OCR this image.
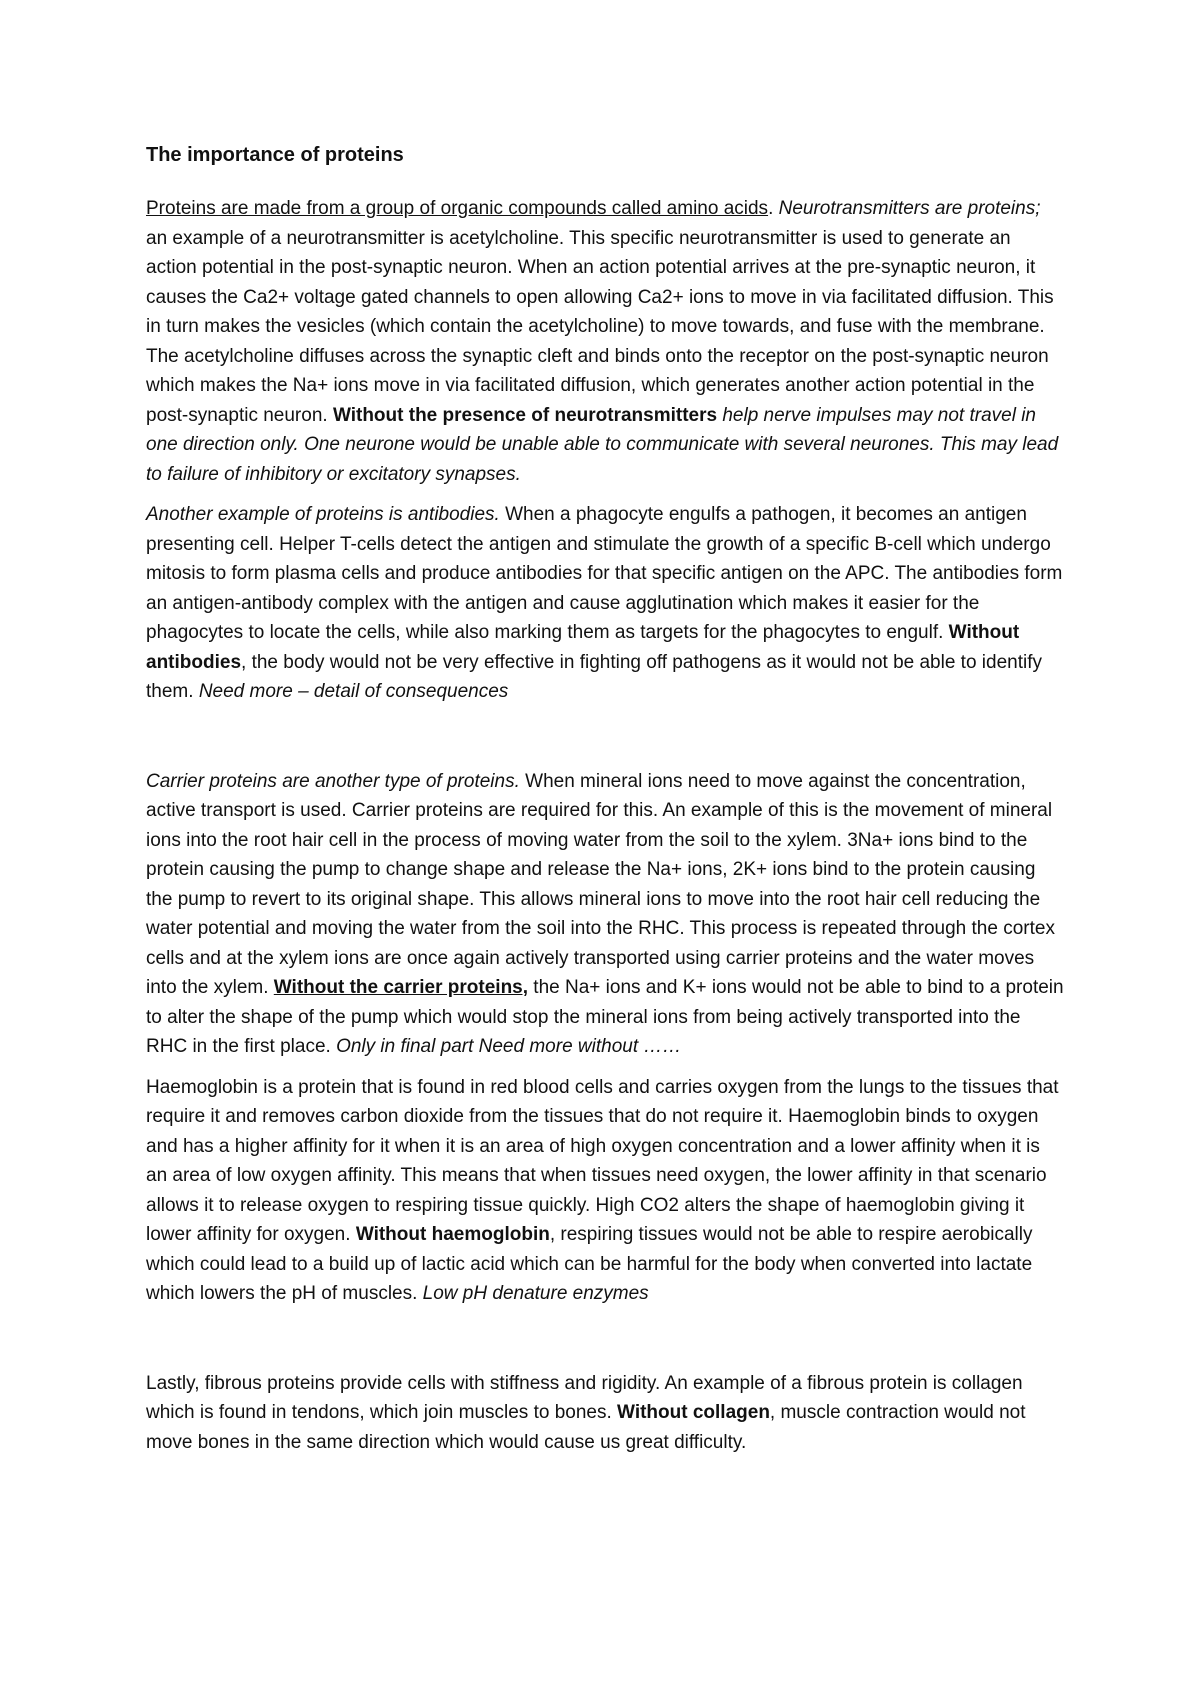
The importance of proteins

Proteins are made from a group of organic compounds called amino acids. Neurotransmitters are proteins; an example of a neurotransmitter is acetylcholine. This specific neurotransmitter is used to generate an action potential in the post-synaptic neuron. When an action potential arrives at the pre-synaptic neuron, it causes the Ca2+ voltage gated channels to open allowing Ca2+ ions to move in via facilitated diffusion. This in turn makes the vesicles (which contain the acetylcholine) to move towards, and fuse with the membrane. The acetylcholine diffuses across the synaptic cleft and binds onto the receptor on the post-synaptic neuron which makes the Na+ ions move in via facilitated diffusion, which generates another action potential in the post-synaptic neuron. Without the presence of neurotransmitters help nerve impulses may not travel in one direction only. One neurone would be unable able to communicate with several neurones. This may lead to failure of inhibitory or excitatory synapses.

Another example of proteins is antibodies. When a phagocyte engulfs a pathogen, it becomes an antigen presenting cell. Helper T-cells detect the antigen and stimulate the growth of a specific B-cell which undergo mitosis to form plasma cells and produce antibodies for that specific antigen on the APC. The antibodies form an antigen-antibody complex with the antigen and cause agglutination which makes it easier for the phagocytes to locate the cells, while also marking them as targets for the phagocytes to engulf. Without antibodies, the body would not be very effective in fighting off pathogens as it would not be able to identify them. Need more – detail of consequences

Carrier proteins are another type of proteins. When mineral ions need to move against the concentration, active transport is used. Carrier proteins are required for this. An example of this is the movement of mineral ions into the root hair cell in the process of moving water from the soil to the xylem. 3Na+ ions bind to the protein causing the pump to change shape and release the Na+ ions, 2K+ ions bind to the protein causing the pump to revert to its original shape. This allows mineral ions to move into the root hair cell reducing the water potential and moving the water from the soil into the RHC. This process is repeated through the cortex cells and at the xylem ions are once again actively transported using carrier proteins and the water moves into the xylem. Without the carrier proteins, the Na+ ions and K+ ions would not be able to bind to a protein to alter the shape of the pump which would stop the mineral ions from being actively transported into the RHC in the first place. Only in final part Need more without ……

Haemoglobin is a protein that is found in red blood cells and carries oxygen from the lungs to the tissues that require it and removes carbon dioxide from the tissues that do not require it. Haemoglobin binds to oxygen and has a higher affinity for it when it is an area of high oxygen concentration and a lower affinity when it is an area of low oxygen affinity. This means that when tissues need oxygen, the lower affinity in that scenario allows it to release oxygen to respiring tissue quickly. High CO2 alters the shape of haemoglobin giving it lower affinity for oxygen. Without haemoglobin, respiring tissues would not be able to respire aerobically which could lead to a build up of lactic acid which can be harmful for the body when converted into lactate which lowers the pH of muscles. Low pH denature enzymes

Lastly, fibrous proteins provide cells with stiffness and rigidity. An example of a fibrous protein is collagen which is found in tendons, which join muscles to bones. Without collagen, muscle contraction would not move bones in the same direction which would cause us great difficulty.
